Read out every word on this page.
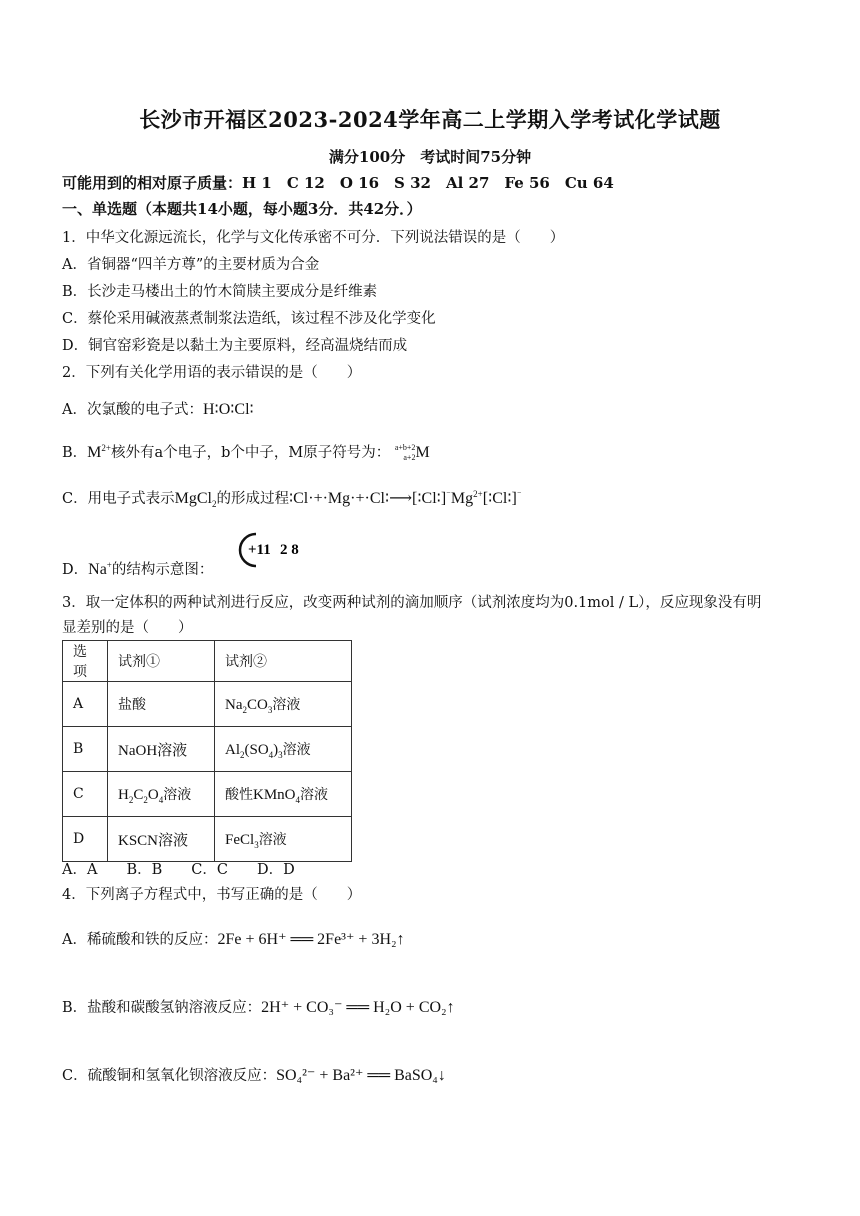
长沙市开福区2023-2024学年高二上学期入学考试化学试题
满分100分　考试时间75分钟
可能用到的相对原子质量：H 1　C 12　O 16　S 32　Al 27　Fe 56　Cu 64
一、单选题（本题共14小题，每小题3分．共42分．）
1．中华文化源远流长，化学与文化传承密不可分．下列说法错误的是（　　）
A．省铜器“四羊方尊”的主要材质为合金
B．长沙走马楼出土的竹木简牍主要成分是纤维素
C．蔡伦采用碱液蒸煮制浆法造纸，该过程不涉及化学变化
D．铜官窑彩瓷是以黏土为主要原料，经高温烧结而成
2．下列有关化学用语的表示错误的是（　　）
A．次氯酸的电子式：H∶O∶Cl∶
B．$M^{2+}$核外有a个电子，b个中子，M原子符号为： a+b+2
a+2M
C．用电子式表示MgCl$_2$的形成过程$∶Cl\cdot+\cdot Mg\cdot+\cdot Cl∶⟶[∶Cl∶]^{^-}Mg^{2+}[∶Cl∶]^{^-}$
D．Na+的结构示意图：
+11 2 8
3．取一定体积的两种试剂进行反应，改变两种试剂的滴加顺序（试剂浓度均为0.1mol / L），反应现象没有明
显差别的是（　　）
选项	试剂①	试剂②
A	盐酸	$Na_2CO_3$溶液
B	NaOH溶液	$Al_2(SO_4)_3$溶液
C	$H_2C_2O_4$溶液	酸性KMnO$_4$溶液
D	KSCN溶液	FeCl$_3$溶液
A．A　　B．B　　C．C　　D．D
4．下列离子方程式中，书写正确的是（　　）
A．稀硫酸和铁的反应：2Fe + 6H⁺ ══ 2Fe³⁺ + 3H₂↑
B．盐酸和碳酸氢钠溶液反应：2H⁺ + CO₃⁻ ══ H₂O + CO₂↑
C．硫酸铜和氢氧化钡溶液反应：SO₄²⁻ + Ba²⁺ ══ BaSO₄↓
